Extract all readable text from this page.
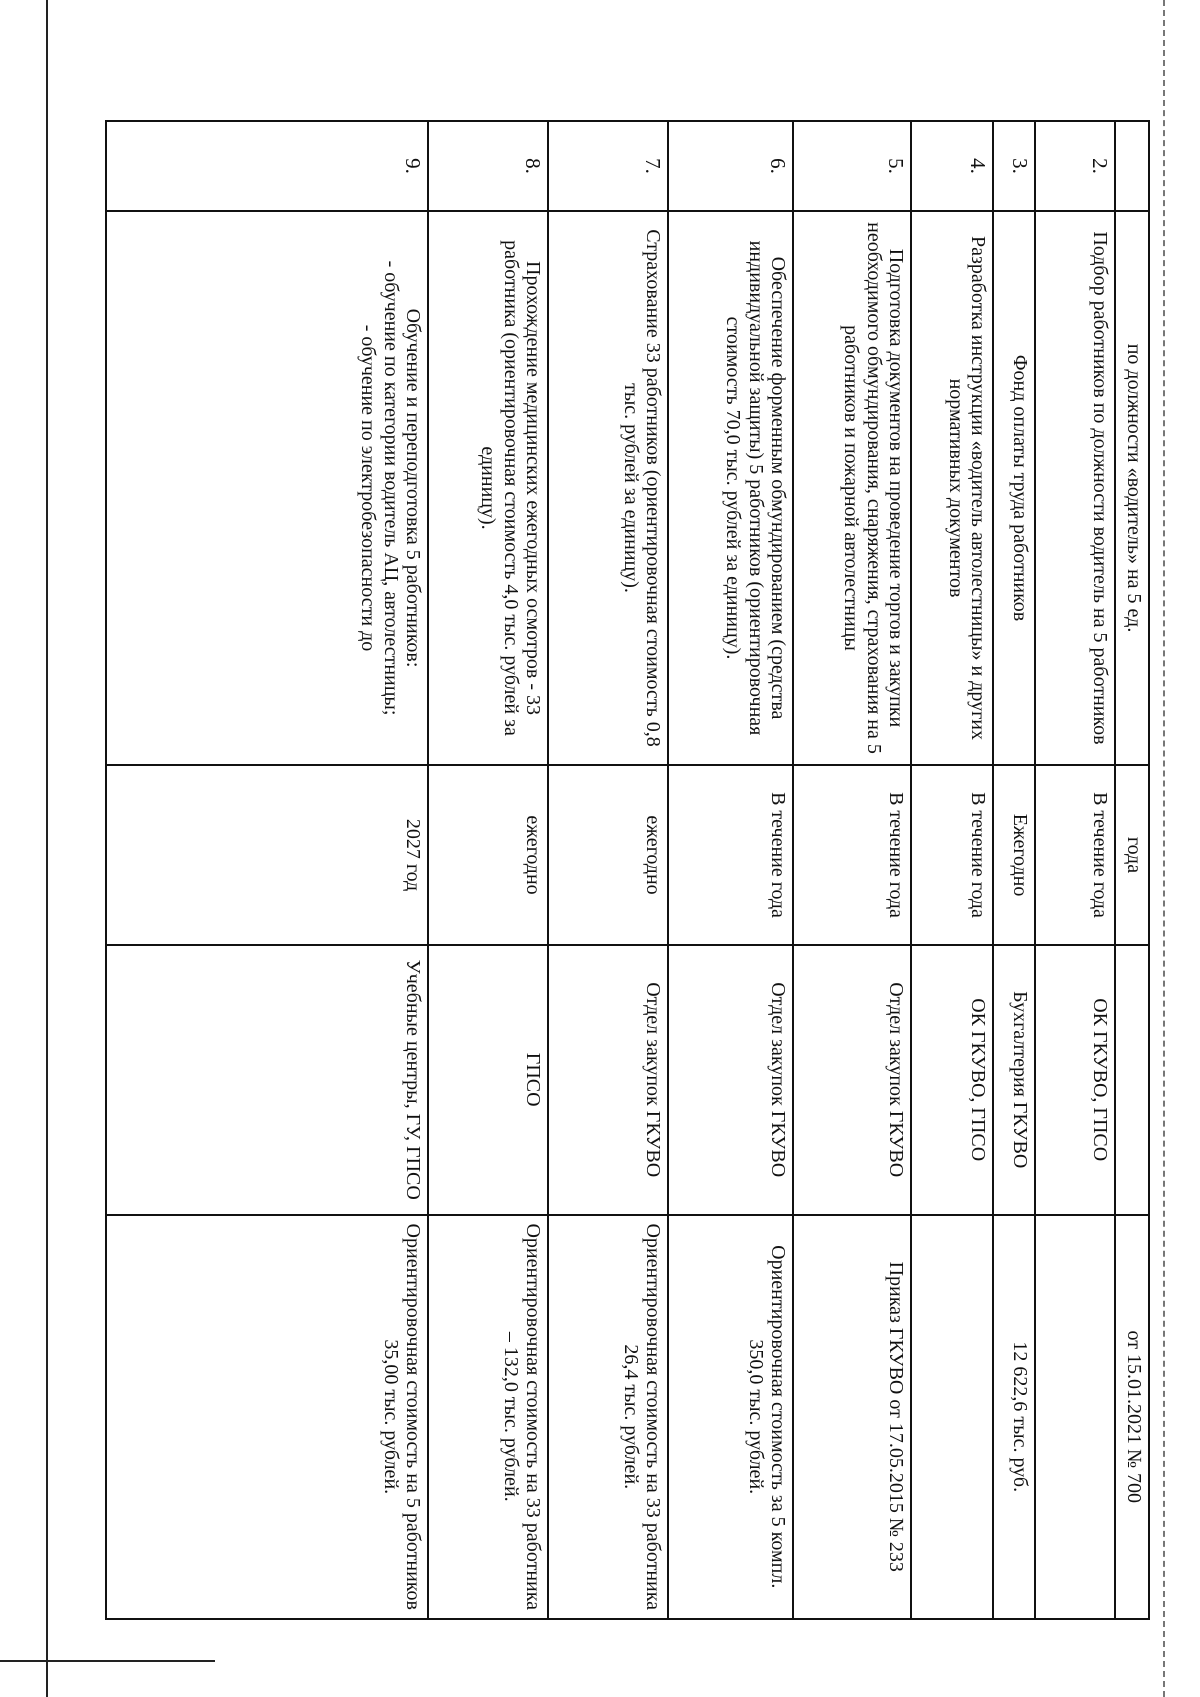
	по должности «водитель» на 5 ед.	года		от 15.01.2021 № 700
2.	Подбор работников по должности водитель на 5 работников	В течение года	ОК ГКУВО, ГПСО	
3.	Фонд оплаты труда работников	Ежегодно	Бухгалтерия ГКУВО	12 622,6 тыс. руб.
4.	Разработка инструкции «водитель автолестницы» и других нормативных документов	В течение года	ОК ГКУВО, ГПСО	
5.	Подготовка документов на проведение торгов и закупки необходимого обмундирования, снаряжения, страхования на 5 работников и пожарной автолестницы	В течение года	Отдел закупок ГКУВО	Приказ ГКУВО от 17.05.2015 № 233
6.	Обеспечение форменным обмундированием (средства индивидуальной защиты) 5 работников (ориентировочная стоимость 70,0 тыс. рублей за единицу).	В течение года	Отдел закупок ГКУВО	Ориентировочная стоимость за 5 компл. 350,0 тыс. рублей.
7.	Страхование 33 работников (ориентировочная стоимость 0,8 тыс. рублей за единицу).	ежегодно	Отдел закупок ГКУВО	Ориентировочная стоимость на 33 работника 26,4 тыс. рублей.
8.	Прохождение медицинских ежегодных осмотров - 33 работника (ориентировочная стоимость 4,0 тыс. рублей за единицу).	ежегодно	ГПСО	Ориентировочная стоимость на 33 работника – 132,0 тыс. рублей.
9.	Обучение и переподготовка 5 работников:
- обучение по категории водитель АЦ, автолестницы;
- обучение по электробезопасности до	2027 год	Учебные центры, ГУ, ГПСО	Ориентировочная стоимость на 5 работников 35,00 тыс. рублей.
